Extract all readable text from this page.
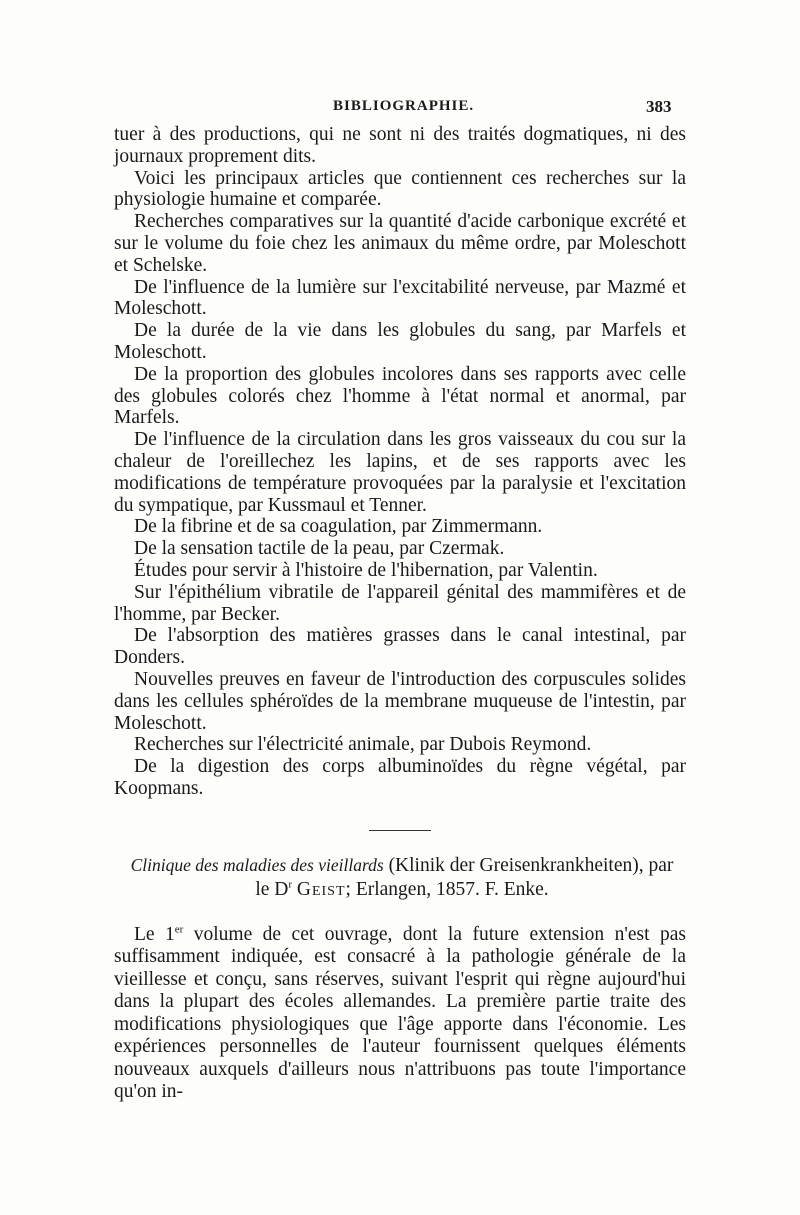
BIBLIOGRAPHIE.	383

tuer à des productions, qui ne sont ni des traités dogmatiques, ni des journaux proprement dits.

Voici les principaux articles que contiennent ces recherches sur la physiologie humaine et comparée.

Recherches comparatives sur la quantité d'acide carbonique excrété et sur le volume du foie chez les animaux du même ordre, par Moleschott et Schelske.

De l'influence de la lumière sur l'excitabilité nerveuse, par Mazmé et Moleschott.

De la durée de la vie dans les globules du sang, par Marfels et Moleschott.

De la proportion des globules incolores dans ses rapports avec celle des globules colorés chez l'homme à l'état normal et anormal, par Marfels.

De l'influence de la circulation dans les gros vaisseaux du cou sur la chaleur de l'oreillechez les lapins, et de ses rapports avec les modifications de température provoquées par la paralysie et l'excitation du sympatique, par Kussmaul et Tenner.

De la fibrine et de sa coagulation, par Zimmermann.

De la sensation tactile de la peau, par Czermak.

Études pour servir à l'histoire de l'hibernation, par Valentin.

Sur l'épithélium vibratile de l'appareil génital des mammifères et de l'homme, par Becker.

De l'absorption des matières grasses dans le canal intestinal, par Donders.

Nouvelles preuves en faveur de l'introduction des corpuscules solides dans les cellules sphéroïdes de la membrane muqueuse de l'intestin, par Moleschott.

Recherches sur l'électricité animale, par Dubois Reymond.

De la digestion des corps albuminoïdes du règne végétal, par Koopmans.

Clinique des maladies des vieillards (Klinik der Greisenkrankheiten), par
le $D^r$ Geist; Erlangen, 1857. F. Enke.

Le 1er volume de cet ouvrage, dont la future extension n'est pas suffisamment indiquée, est consacré à la pathologie générale de la vieillesse et conçu, sans réserves, suivant l'esprit qui règne aujourd'hui dans la plupart des écoles allemandes. La première partie traite des modifications physiologiques que l'âge apporte dans l'économie. Les expériences personnelles de l'auteur fournissent quelques éléments nouveaux auxquels d'ailleurs nous n'attribuons pas toute l'importance qu'on in-
